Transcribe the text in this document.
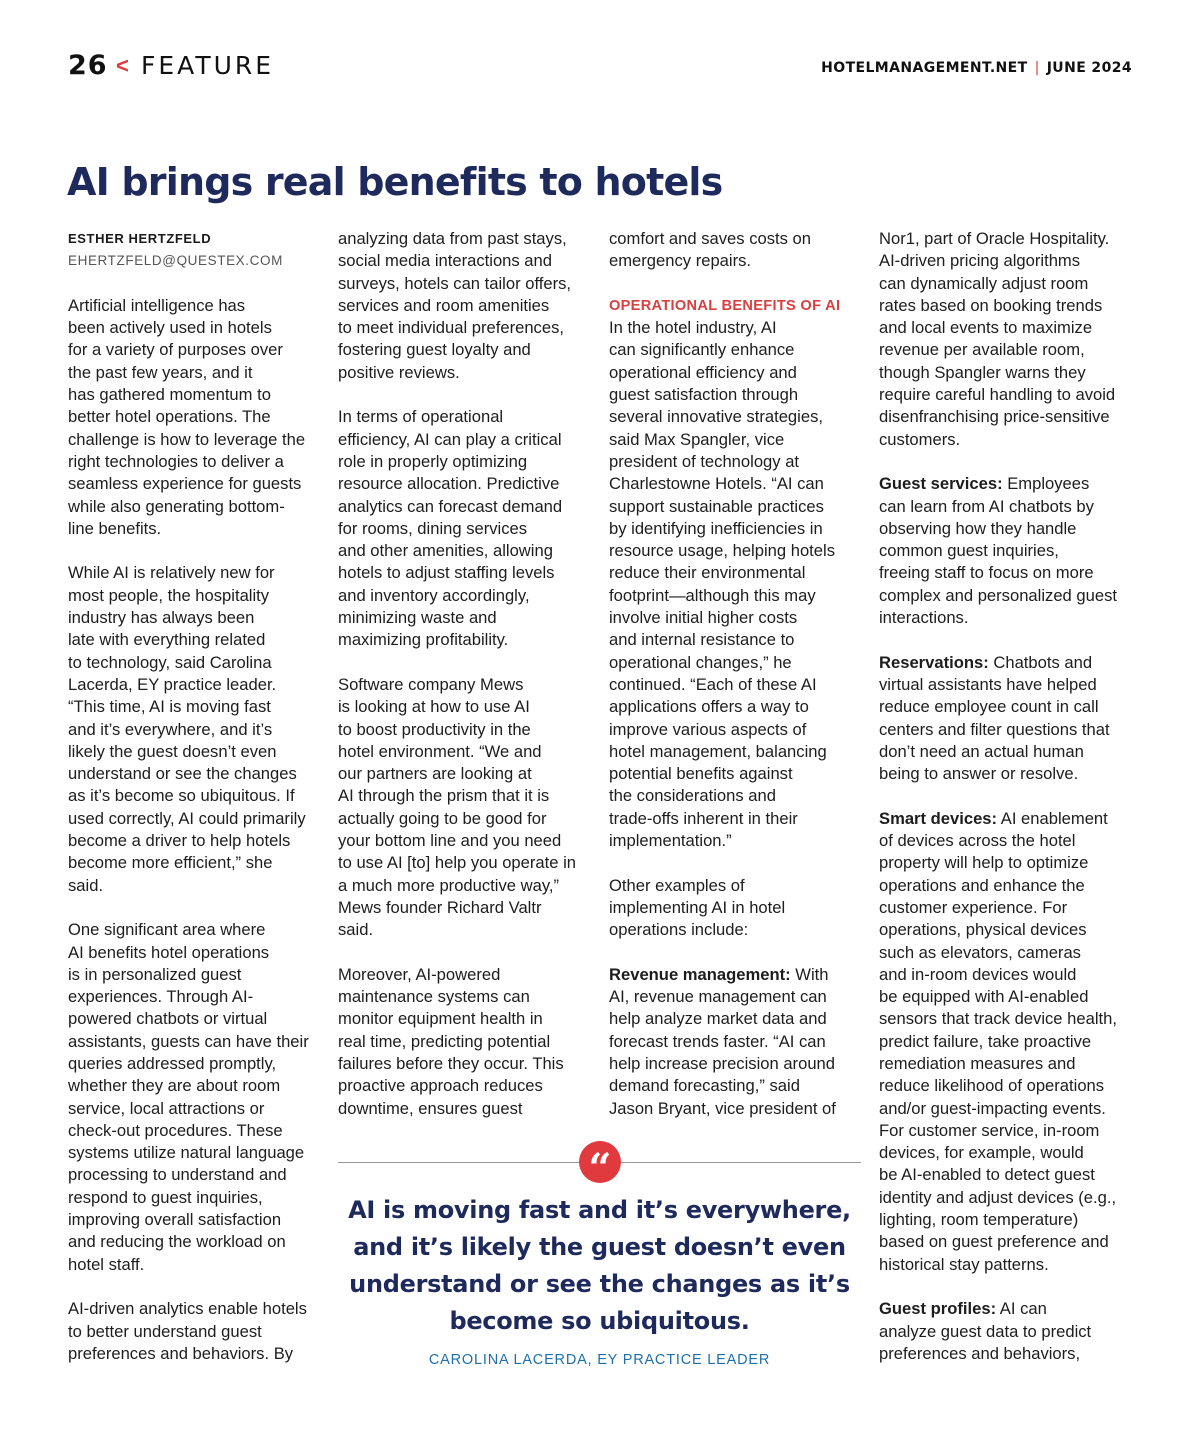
26 < FEATURE	HOTELMANAGEMENT.NET | JUNE 2024
AI brings real benefits to hotels

ESTHER HERTZFELD
EHERTZFELD@QUESTEX.COM

Artificial intelligence has
been actively used in hotels
for a variety of purposes over
the past few years, and it
has gathered momentum to
better hotel operations. The
challenge is how to leverage the
right technologies to deliver a
seamless experience for guests
while also generating bottom-
line benefits.

While AI is relatively new for
most people, the hospitality
industry has always been
late with everything related
to technology, said Carolina
Lacerda, EY practice leader.
“This time, AI is moving fast
and it’s everywhere, and it’s
likely the guest doesn’t even
understand or see the changes
as it’s become so ubiquitous. If
used correctly, AI could primarily
become a driver to help hotels
become more efficient,” she
said.

One significant area where
AI benefits hotel operations
is in personalized guest
experiences. Through AI-
powered chatbots or virtual
assistants, guests can have their
queries addressed promptly,
whether they are about room
service, local attractions or
check-out procedures. These
systems utilize natural language
processing to understand and
respond to guest inquiries,
improving overall satisfaction
and reducing the workload on
hotel staff.

AI-driven analytics enable hotels
to better understand guest
preferences and behaviors. By

analyzing data from past stays,
social media interactions and
surveys, hotels can tailor offers,
services and room amenities
to meet individual preferences,
fostering guest loyalty and
positive reviews.

In terms of operational
efficiency, AI can play a critical
role in properly optimizing
resource allocation. Predictive
analytics can forecast demand
for rooms, dining services
and other amenities, allowing
hotels to adjust staffing levels
and inventory accordingly,
minimizing waste and
maximizing profitability.

Software company Mews
is looking at how to use AI
to boost productivity in the
hotel environment. “We and
our partners are looking at
AI through the prism that it is
actually going to be good for
your bottom line and you need
to use AI [to] help you operate in
a much more productive way,”
Mews founder Richard Valtr
said.

Moreover, AI-powered
maintenance systems can
monitor equipment health in
real time, predicting potential
failures before they occur. This
proactive approach reduces
downtime, ensures guest

comfort and saves costs on
emergency repairs.

OPERATIONAL BENEFITS OF AI

In the hotel industry, AI
can significantly enhance
operational efficiency and
guest satisfaction through
several innovative strategies,
said Max Spangler, vice
president of technology at
Charlestowne Hotels. “AI can
support sustainable practices
by identifying inefficiencies in
resource usage, helping hotels
reduce their environmental
footprint—although this may
involve initial higher costs
and internal resistance to
operational changes,” he
continued. “Each of these AI
applications offers a way to
improve various aspects of
hotel management, balancing
potential benefits against
the considerations and
trade-offs inherent in their
implementation.”

Other examples of
implementing AI in hotel
operations include:

Revenue management: With
AI, revenue management can
help analyze market data and
forecast trends faster. “AI can
help increase precision around
demand forecasting,” said
Jason Bryant, vice president of

Nor1, part of Oracle Hospitality.
AI-driven pricing algorithms
can dynamically adjust room
rates based on booking trends
and local events to maximize
revenue per available room,
though Spangler warns they
require careful handling to avoid
disenfranchising price-sensitive
customers.

Guest services: Employees
can learn from AI chatbots by
observing how they handle
common guest inquiries,
freeing staff to focus on more
complex and personalized guest
interactions.

Reservations: Chatbots and
virtual assistants have helped
reduce employee count in call
centers and filter questions that
don’t need an actual human
being to answer or resolve.

Smart devices: AI enablement
of devices across the hotel
property will help to optimize
operations and enhance the
customer experience. For
operations, physical devices
such as elevators, cameras
and in-room devices would
be equipped with AI-enabled
sensors that track device health,
predict failure, take proactive
remediation measures and
reduce likelihood of operations
and/or guest-impacting events.
For customer service, in-room
devices, for example, would
be AI-enabled to detect guest
identity and adjust devices (e.g.,
lighting, room temperature)
based on guest preference and
historical stay patterns.

Guest profiles: AI can
analyze guest data to predict
preferences and behaviors,

“
AI is moving fast and it’s everywhere,
and it’s likely the guest doesn’t even
understand or see the changes as it’s
become so ubiquitous.
CAROLINA LACERDA, EY PRACTICE LEADER
